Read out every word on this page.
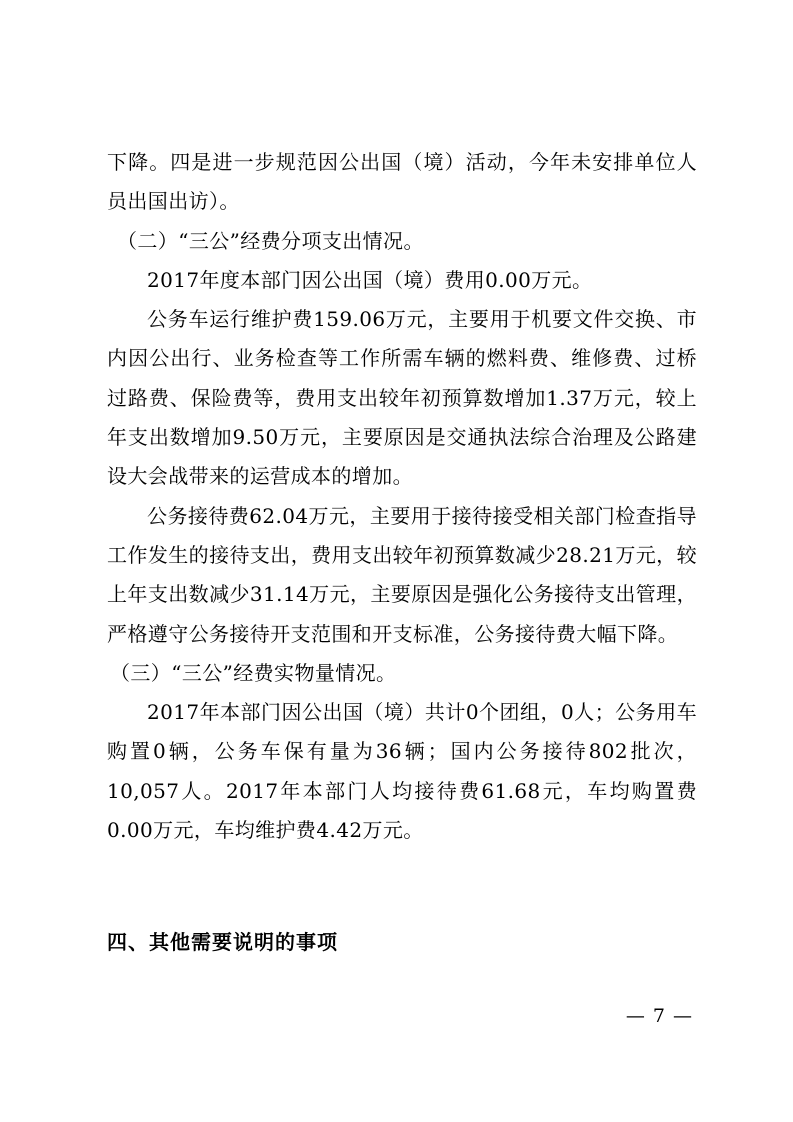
下降。四是进一步规范因公出国（境）活动，今年未安排单位人员出国出访）。

（二）“三公”经费分项支出情况。

2017年度本部门因公出国（境）费用0.00万元。

公务车运行维护费159.06万元，主要用于机要文件交换、市内因公出行、业务检查等工作所需车辆的燃料费、维修费、过桥过路费、保险费等，费用支出较年初预算数增加1.37万元，较上年支出数增加9.50万元，主要原因是交通执法综合治理及公路建设大会战带来的运营成本的增加。

公务接待费62.04万元，主要用于接待接受相关部门检查指导工作发生的接待支出，费用支出较年初预算数减少28.21万元，较上年支出数减少31.14万元，主要原因是强化公务接待支出管理，严格遵守公务接待开支范围和开支标准，公务接待费大幅下降。

（三）“三公”经费实物量情况。

2017年本部门因公出国（境）共计0个团组，0人；公务用车购置0辆，公务车保有量为36辆；国内公务接待802批次，10,057人。2017年本部门人均接待费61.68元，车均购置费0.00万元，车均维护费4.42万元。

四、其他需要说明的事项
— 7 —
